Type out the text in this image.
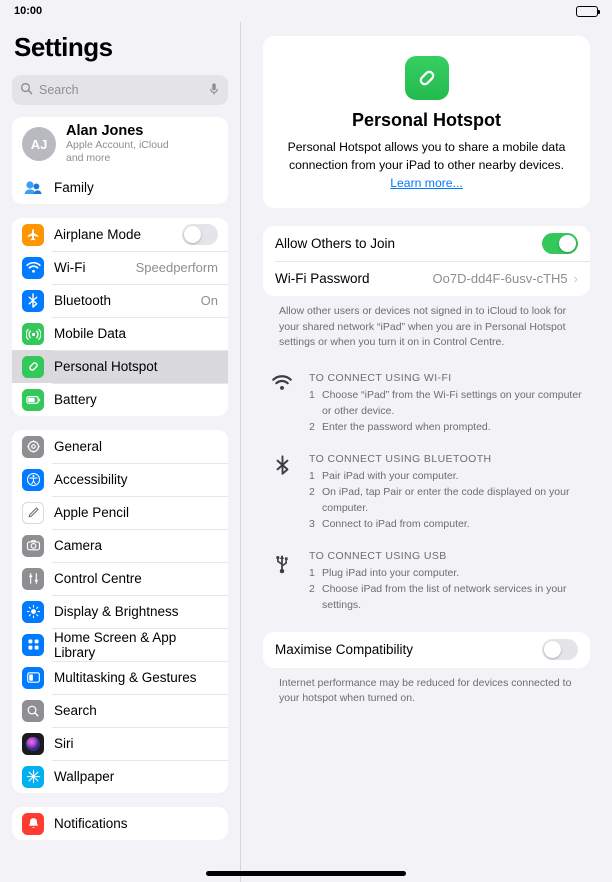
10:00
Settings
Search
AJ
Alan Jones
Apple Account, iCloud
and more
Family
Airplane Mode
Wi-Fi	Speedperform
Bluetooth	On
Mobile Data
Personal Hotspot
Battery
General
Accessibility
Apple Pencil
Camera
Control Centre
Display & Brightness
Home Screen & App Library
Multitasking & Gestures
Search
Siri
Wallpaper
Notifications
Personal Hotspot
Personal Hotspot allows you to share a mobile data connection from your iPad to other nearby devices.
Learn more...
Allow Others to Join
Wi-Fi Password	Oo7D-dd4F-6usv-cTH5 ›
Allow other users or devices not signed in to iCloud to look for your shared network “iPad” when you are in Personal Hotspot settings or when you turn it on in Control Centre.
TO CONNECT USING WI-FI
1 Choose “iPad” from the Wi-Fi settings on your computer or other device.
2 Enter the password when prompted.
TO CONNECT USING BLUETOOTH
1 Pair iPad with your computer.
2 On iPad, tap Pair or enter the code displayed on your computer.
3 Connect to iPad from computer.
TO CONNECT USING USB
1 Plug iPad into your computer.
2 Choose iPad from the list of network services in your settings.
Maximise Compatibility
Internet performance may be reduced for devices connected to your hotspot when turned on.
